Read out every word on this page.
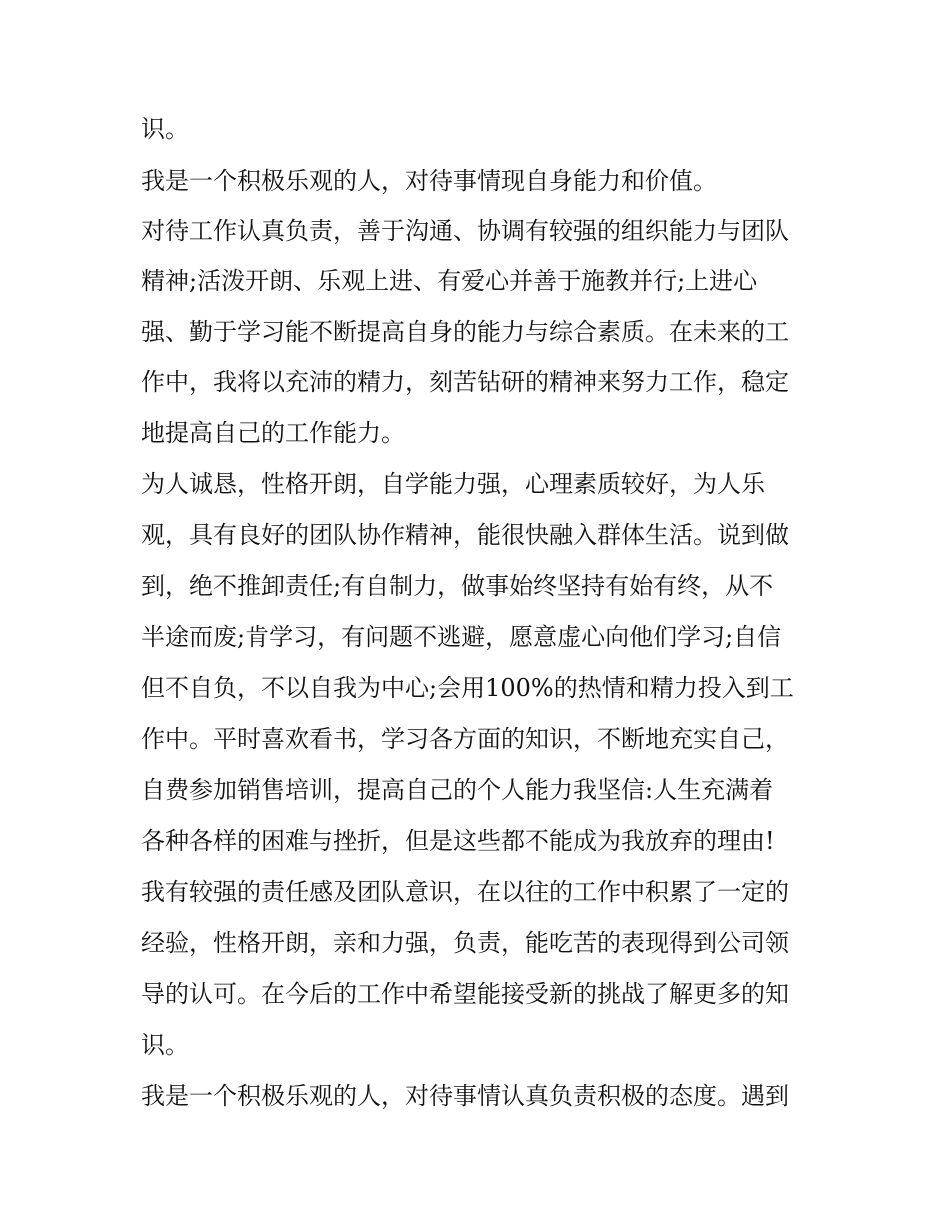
识。

我是一个积极乐观的人，对待事情现自身能力和价值。

对待工作认真负责，善于沟通、协调有较强的组织能力与团队

精神;活泼开朗、乐观上进、有爱心并善于施教并行;上进心

强、勤于学习能不断提高自身的能力与综合素质。在未来的工

作中，我将以充沛的精力，刻苦钻研的精神来努力工作，稳定

地提高自己的工作能力。

为人诚恳，性格开朗，自学能力强，心理素质较好，为人乐

观，具有良好的团队协作精神，能很快融入群体生活。说到做

到，绝不推卸责任;有自制力，做事始终坚持有始有终，从不

半途而废;肯学习，有问题不逃避，愿意虚心向他们学习;自信

但不自负，不以自我为中心;会用100%的热情和精力投入到工

作中。平时喜欢看书，学习各方面的知识，不断地充实自己，

自费参加销售培训，提高自己的个人能力我坚信:人生充满着

各种各样的困难与挫折，但是这些都不能成为我放弃的理由!

我有较强的责任感及团队意识，在以往的工作中积累了一定的

经验，性格开朗，亲和力强，负责，能吃苦的表现得到公司领

导的认可。在今后的工作中希望能接受新的挑战了解更多的知

识。

我是一个积极乐观的人，对待事情认真负责积极的态度。遇到
